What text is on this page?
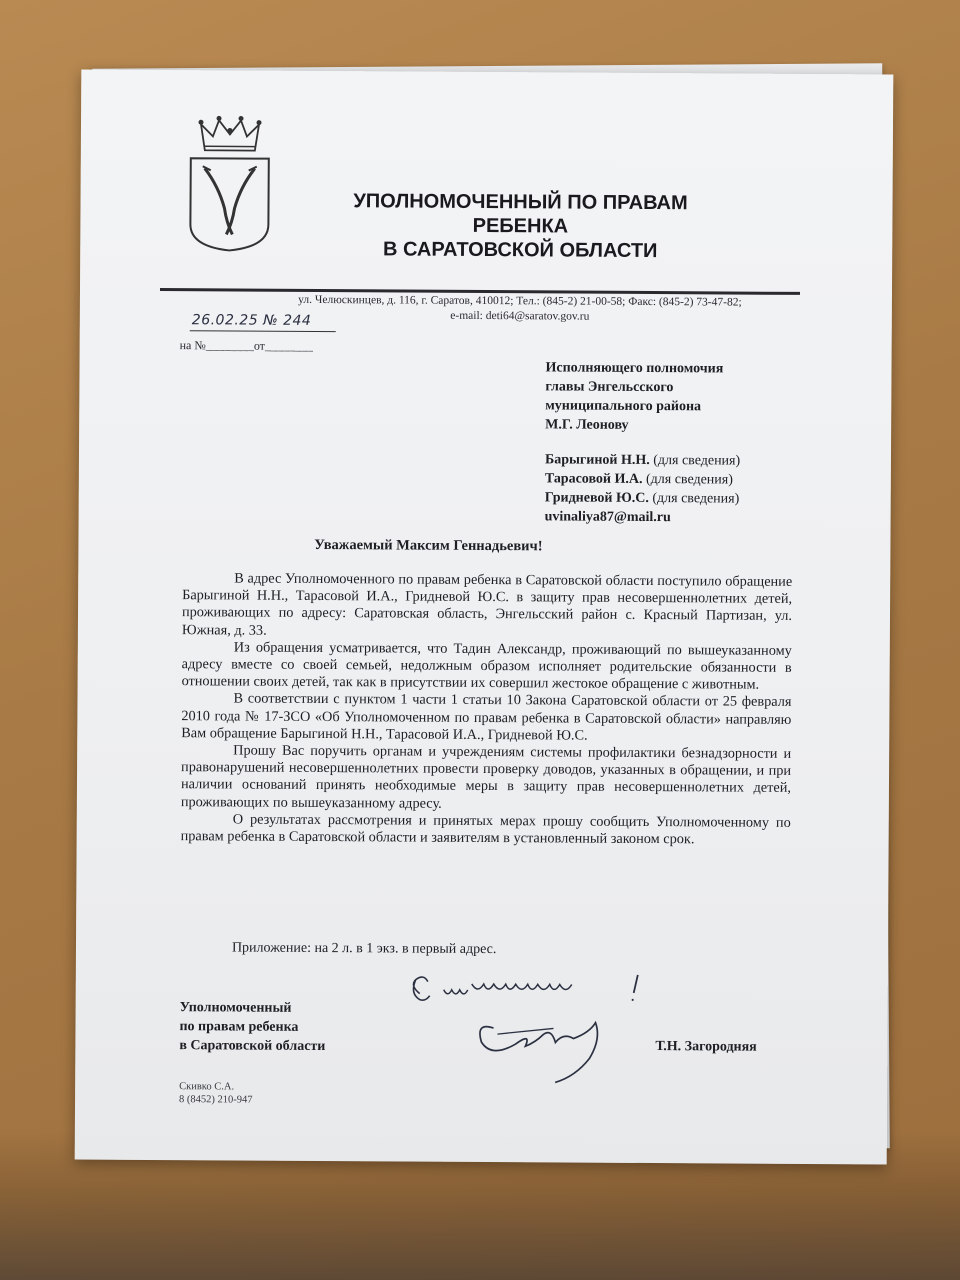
УПОЛНОМОЧЕННЫЙ ПО ПРАВАМ
РЕБЕНКА
В САРАТОВСКОЙ ОБЛАСТИ
ул. Челюскинцев, д. 116, г. Саратов, 410012; Тел.: (845-2) 21-00-58; Факс: (845-2) 73-47-82;
e-mail: deti64@saratov.gov.ru
26.02.25 № 244
на №________от________
Исполняющего полномочия
главы Энгельсского
муниципального района
М.Г. Леонову
Барыгиной Н.Н. (для сведения)
Тарасовой И.А. (для сведения)
Гридневой Ю.С. (для сведения)
uvinaliya87@mail.ru
Уважаемый Максим Геннадьевич!

В адрес Уполномоченного по правам ребенка в Саратовской области поступило обращение Барыгиной Н.Н., Тарасовой И.А., Гридневой Ю.С. в защиту прав несовершеннолетних детей, проживающих по адресу: Саратовская область, Энгельсский район с. Красный Партизан, ул. Южная, д. 33.

Из обращения усматривается, что Тадин Александр, проживающий по вышеуказанному адресу вместе со своей семьей, недолжным образом исполняет родительские обязанности в отношении своих детей, так как в присутствии их совершил жестокое обращение с животным.

В соответствии с пунктом 1 части 1 статьи 10 Закона Саратовской области от 25 февраля 2010 года № 17-ЗСО «Об Уполномоченном по правам ребенка в Саратовской области» направляю Вам обращение Барыгиной Н.Н., Тарасовой И.А., Гридневой Ю.С.

Прошу Вас поручить органам и учреждениям системы профилактики безнадзорности и правонарушений несовершеннолетних провести проверку доводов, указанных в обращении, и при наличии оснований принять необходимые меры в защиту прав несовершеннолетних детей, проживающих по вышеуказанному адресу.

О результатах рассмотрения и принятых мерах прошу сообщить Уполномоченному по правам ребенка в Саратовской области и заявителям в установленный законом срок.

Приложение: на 2 л. в 1 экз. в первый адрес.
Уполномоченный
по правам ребенка
в Саратовской области	Т.Н. Загородняя
Скивко С.А.
8 (8452) 210-947
